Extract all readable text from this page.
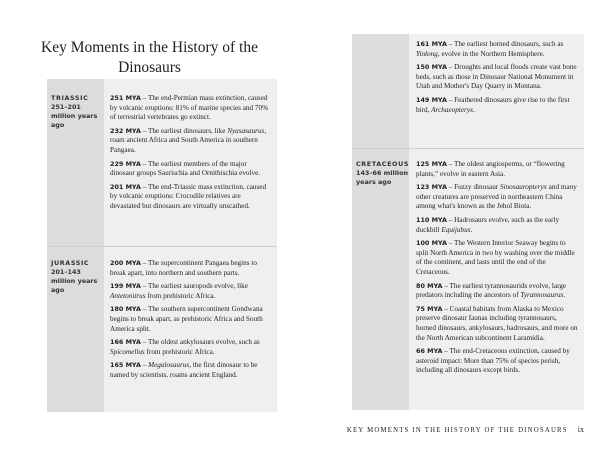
Key Moments in the History of the Dinosaurs
TRIASSIC
251–201 million years ago

251 MYA – The end-Permian mass extinction, caused by volcanic eruptions: 81% of marine species and 70% of terrestrial vertebrates go extinct.

232 MYA – The earliest dinosaurs, like Nyasasaurus, roam ancient Africa and South America in southern Pangaea.

229 MYA – The earliest members of the major dinosaur groups Saurischia and Ornithischia evolve.

201 MYA – The end-Triassic mass extinction, caused by volcanic eruptions: Crocodile relatives are devastated but dinosaurs are virtually unscathed.

JURASSIC
201–143 million years ago

200 MYA – The supercontinent Pangaea begins to break apart, into northern and southern parts.

199 MYA – The earliest sauropods evolve, like Antetonitrus from prehistoric Africa.

180 MYA – The southern supercontinent Gondwana begins to break apart, as prehistoric Africa and South America split.

166 MYA – The oldest ankylosaurs evolve, such as Spicomellus from prehistoric Africa.

165 MYA – Megalosaurus, the first dinosaur to be named by scientists, roams ancient England.

161 MYA – The earliest horned dinosaurs, such as Yinlong, evolve in the Northern Hemisphere.

150 MYA – Droughts and local floods create vast bone beds, such as those in Dinosaur National Monument in Utah and Mother's Day Quarry in Montana.

149 MYA – Feathered dinosaurs give rise to the first bird, Archaeopteryx.

CRETACEOUS
143–66 million years ago

125 MYA – The oldest angiosperms, or “flowering plants,” evolve in eastern Asia.

123 MYA – Fuzzy dinosaur Sinosauropteryx and many other creatures are preserved in northeastern China among what's known as the Jehol Biota.

110 MYA – Hadrosaurs evolve, such as the early duckbill Equijubus.

100 MYA – The Western Interior Seaway begins to split North America in two by washing over the middle of the continent, and lasts until the end of the Cretaceous.

80 MYA – The earliest tyrannosaurids evolve, large predators including the ancestors of Tyrannosaurus.

75 MYA – Coastal habitats from Alaska to Mexico preserve dinosaur faunas including tyrannosaurs, horned dinosaurs, ankylosaurs, hadrosaurs, and more on the North American subcontinent Laramidia.

66 MYA – The end-Cretaceous extinction, caused by asteroid impact: More than 75% of species perish, including all dinosaurs except birds.

KEY MOMENTS IN THE HISTORY OF THE DINOSAURS ix
